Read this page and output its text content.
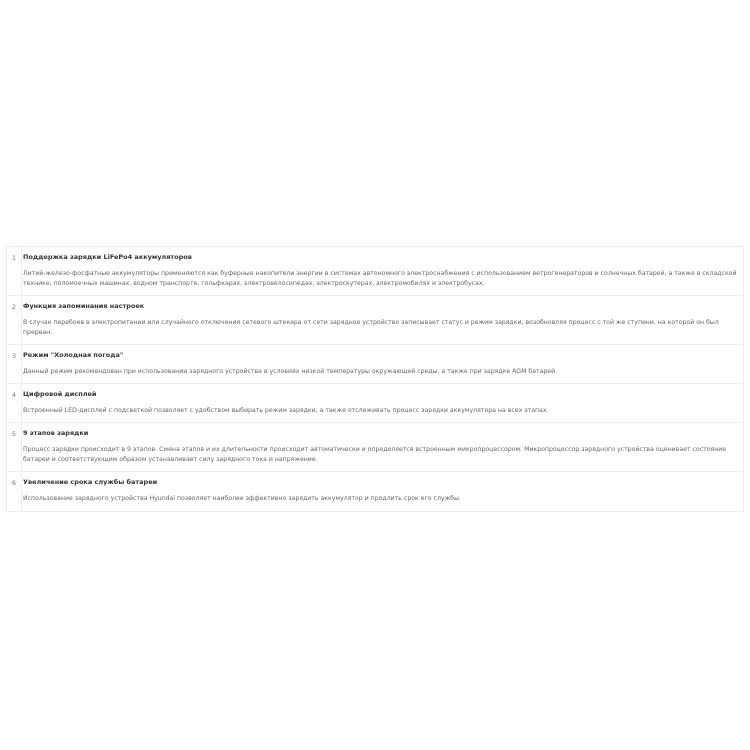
1	Поддержка зарядки LiFePo4 аккумуляторов
Литий-железо-фосфатные аккумуляторы применяются как буферные накопители энергии в системах автономного электроснабжения с использованием ветрогенераторов и солнечных батарей, а также в складской технике, поломоечных машинах, водном транспорте, гольфкарах, электровелосипедах, электроскутерах, электромобилях и электробусах.
2	Функция запоминания настроек
В случае перебоев в электропитании или случайного отключения сетевого штекера от сети зарядное устройство записывает статус и режим зарядки, возобновляя процесс с той же ступени, на которой он был прерван.
3	Режим "Холодная погода"
Данный режим рекомендован при использовании зарядного устройства в условиях низкой температуры окружающей среды, а также при зарядке AGM батарей.
4	Цифровой дисплей
Встроенный LED-дисплей с подсветкой позволяет с удобством выбирать режим зарядки, а также отслеживать процесс зарядки аккумулятора на всех этапах.
5	9 этапов зарядки
Процесс зарядки происходит в 9 этапов. Смена этапов и их длительности происходит автоматически и определяется встроенным микропроцессором. Микропроцессор зарядного устройства оценивает состояние батареи и соответствующим образом устанавливает силу зарядного тока и напряжение.
6	Увеличение срока службы батареи
Использование зарядного устройства Hyundai позволяет наиболее эффективно зарядить аккумулятор и продлить срок его службы.
